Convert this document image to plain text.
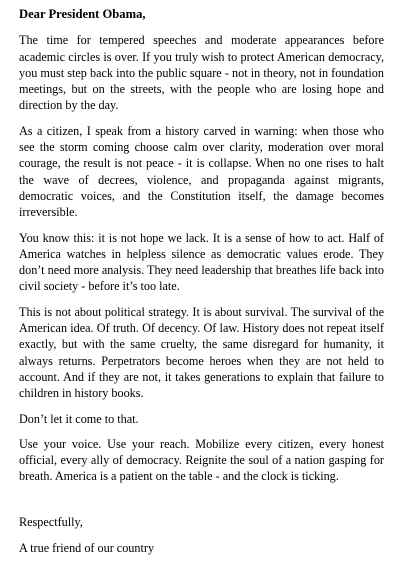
Dear President Obama,

The time for tempered speeches and moderate appearances before academic circles is over. If you truly wish to protect American democracy, you must step back into the public square - not in theory, not in foundation meetings, but on the streets, with the people who are losing hope and direction by the day.

As a citizen, I speak from a history carved in warning: when those who see the storm coming choose calm over clarity, moderation over moral courage, the result is not peace - it is collapse. When no one rises to halt the wave of decrees, violence, and propaganda against migrants, democratic voices, and the Constitution itself, the damage becomes irreversible.

You know this: it is not hope we lack. It is a sense of how to act. Half of America watches in helpless silence as democratic values erode. They don’t need more analysis. They need leadership that breathes life back into civil society - before it’s too late.

This is not about political strategy. It is about survival. The survival of the American idea. Of truth. Of decency. Of law. History does not repeat itself exactly, but with the same cruelty, the same disregard for humanity, it always returns. Perpetrators become heroes when they are not held to account. And if they are not, it takes generations to explain that failure to children in history books.

Don’t let it come to that.

Use your voice. Use your reach. Mobilize every citizen, every honest official, every ally of democracy. Reignite the soul of a nation gasping for breath. America is a patient on the table - and the clock is ticking.

Respectfully,

A true friend of our country
